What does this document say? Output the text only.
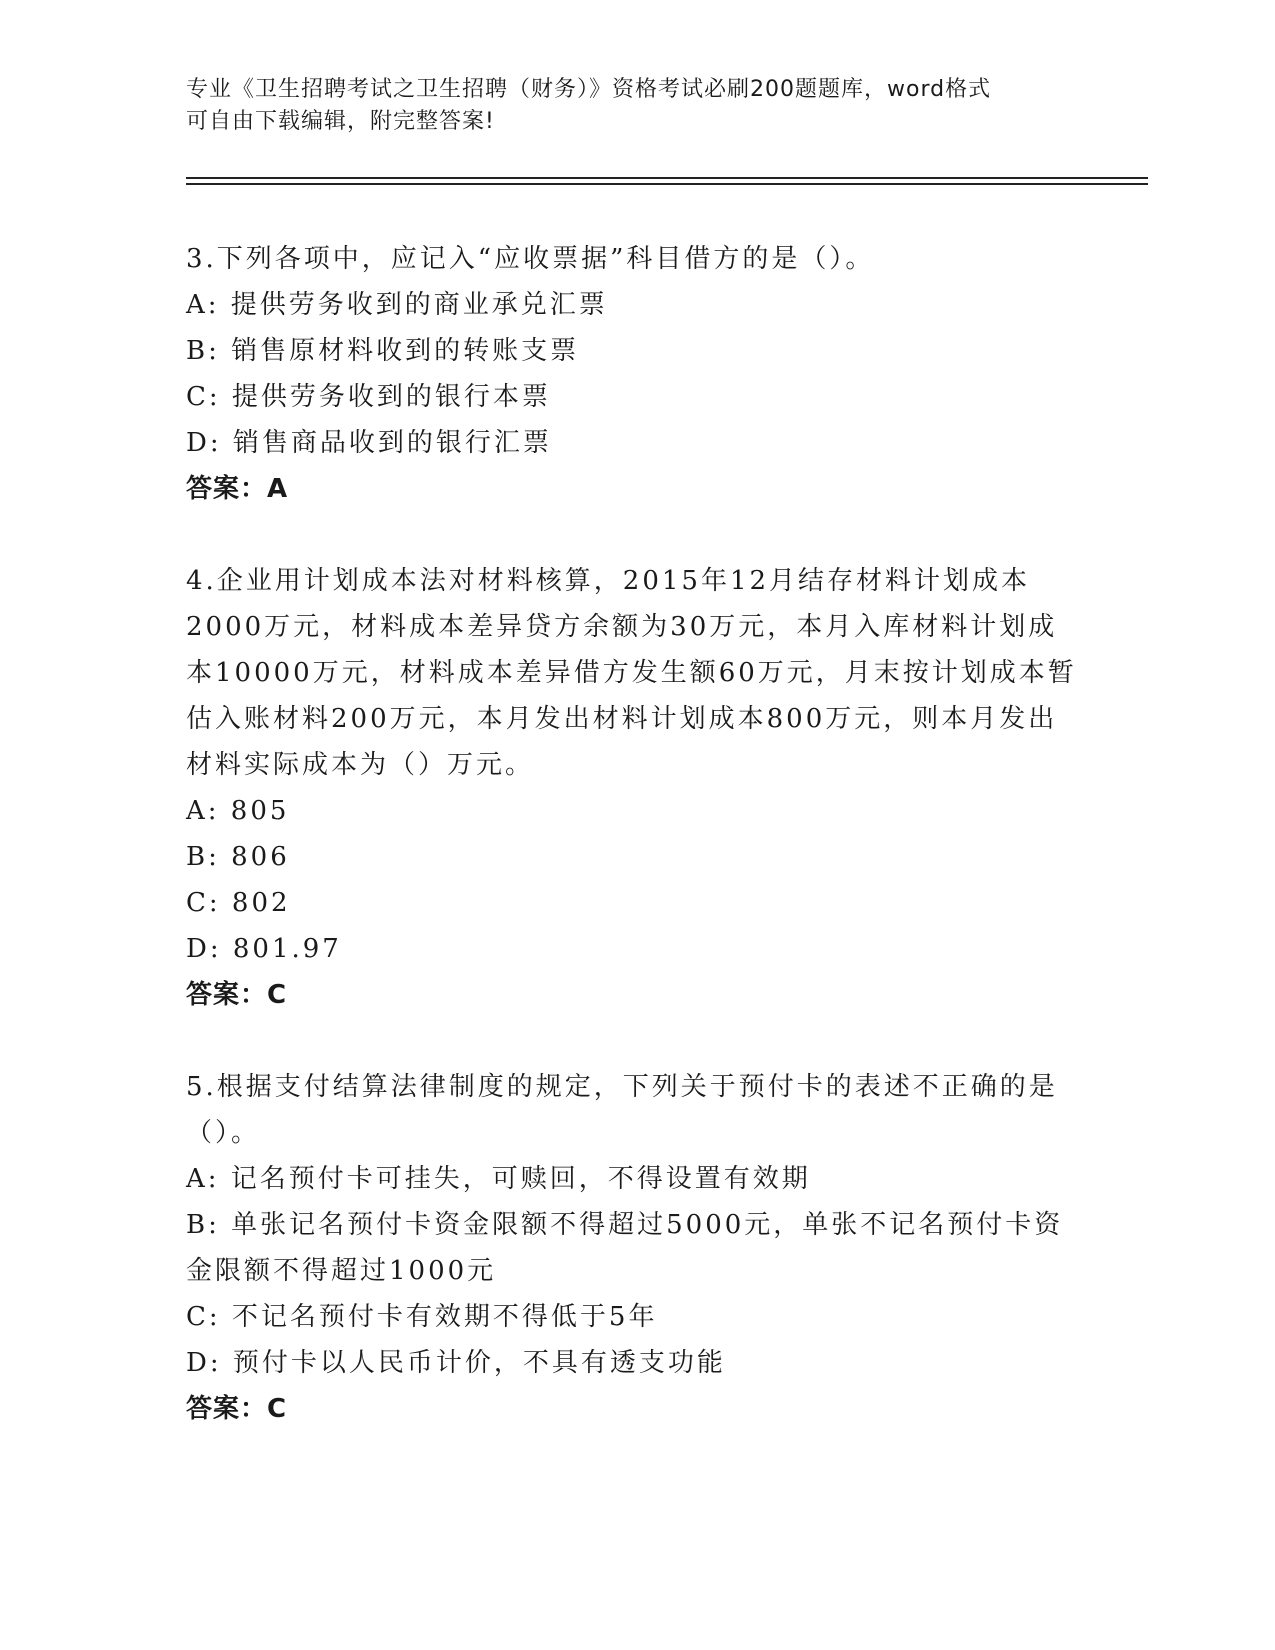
专业《卫生招聘考试之卫生招聘（财务）》资格考试必刷200题题库，word格式
可自由下载编辑，附完整答案!
3.下列各项中，应记入“应收票据”科目借方的是（）。
A: 提供劳务收到的商业承兑汇票
B: 销售原材料收到的转账支票
C: 提供劳务收到的银行本票
D: 销售商品收到的银行汇票
答案：A
4.企业用计划成本法对材料核算，2015年12月结存材料计划成本2000万元，材料成本差异贷方余额为30万元，本月入库材料计划成本10000万元，材料成本差异借方发生额60万元，月末按计划成本暂估入账材料200万元，本月发出材料计划成本800万元，则本月发出材料实际成本为（）万元。
A: 805
B: 806
C: 802
D: 801.97
答案：C
5.根据支付结算法律制度的规定，下列关于预付卡的表述不正确的是（）。
A: 记名预付卡可挂失，可赎回，不得设置有效期
B: 单张记名预付卡资金限额不得超过5000元，单张不记名预付卡资金限额不得超过1000元
C: 不记名预付卡有效期不得低于5年
D: 预付卡以人民币计价，不具有透支功能
答案：C
